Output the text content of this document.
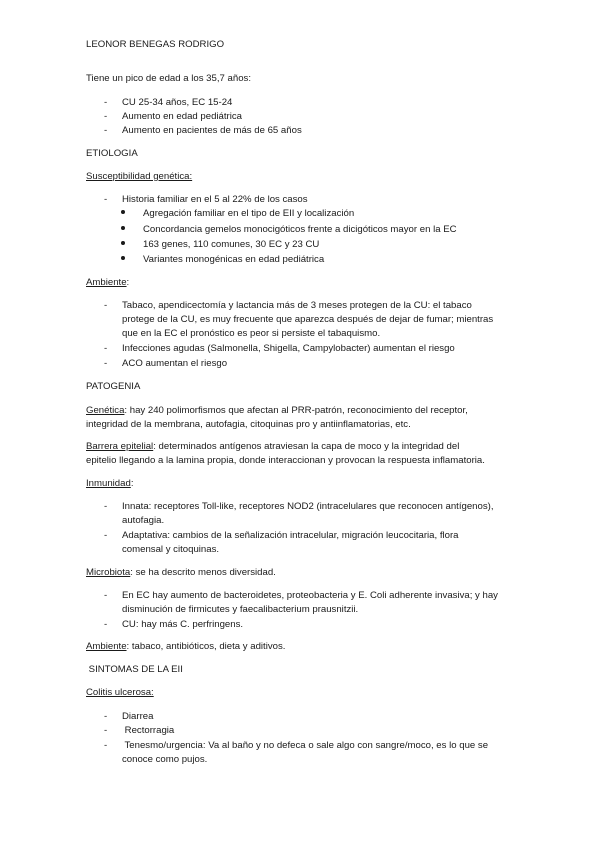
LEONOR BENEGAS RODRIGO
Tiene un pico de edad a los 35,7 años:
- CU 25-34 años, EC 15-24
- Aumento en edad pediátrica
- Aumento en pacientes de más de 65 años
ETIOLOGIA
Susceptibilidad genética:
- Historia familiar en el 5 al 22% de los casos
Agregación familiar en el tipo de EII y localización
Concordancia gemelos monocigóticos frente a dicigóticos mayor en la EC
163 genes, 110 comunes, 30 EC y 23 CU
Variantes monogénicas en edad pediátrica
Ambiente:
- Tabaco, apendicectomía y lactancia más de 3 meses protegen de la CU: el tabaco
protege de la CU, es muy frecuente que aparezca después de dejar de fumar; mientras
que en la EC el pronóstico es peor si persiste el tabaquismo.
- Infecciones agudas (Salmonella, Shigella, Campylobacter) aumentan el riesgo
- ACO aumentan el riesgo
PATOGENIA
Genética: hay 240 polimorfismos que afectan al PRR-patrón, reconocimiento del receptor,
integridad de la membrana, autofagia, citoquinas pro y antiinflamatorias, etc.
Barrera epitelial: determinados antígenos atraviesan la capa de moco y la integridad del
epitelio llegando a la lamina propia, donde interaccionan y provocan la respuesta inflamatoria.
Inmunidad:
- Innata: receptores Toll-like, receptores NOD2 (intracelulares que reconocen antígenos),
autofagia.
- Adaptativa: cambios de la señalización intracelular, migración leucocitaria, flora
comensal y citoquinas.
Microbiota: se ha descrito menos diversidad.
- En EC hay aumento de bacteroidetes, proteobacteria y E. Coli adherente invasiva; y hay
disminución de firmicutes y faecalibacterium prausnitzii.
- CU: hay más C. perfringens.
Ambiente: tabaco, antibióticos, dieta y aditivos.
SINTOMAS DE LA EII
Colitis ulcerosa:
- Diarrea
- Rectorragia
- Tenesmo/urgencia: Va al baño y no defeca o sale algo con sangre/moco, es lo que se
conoce como pujos.
